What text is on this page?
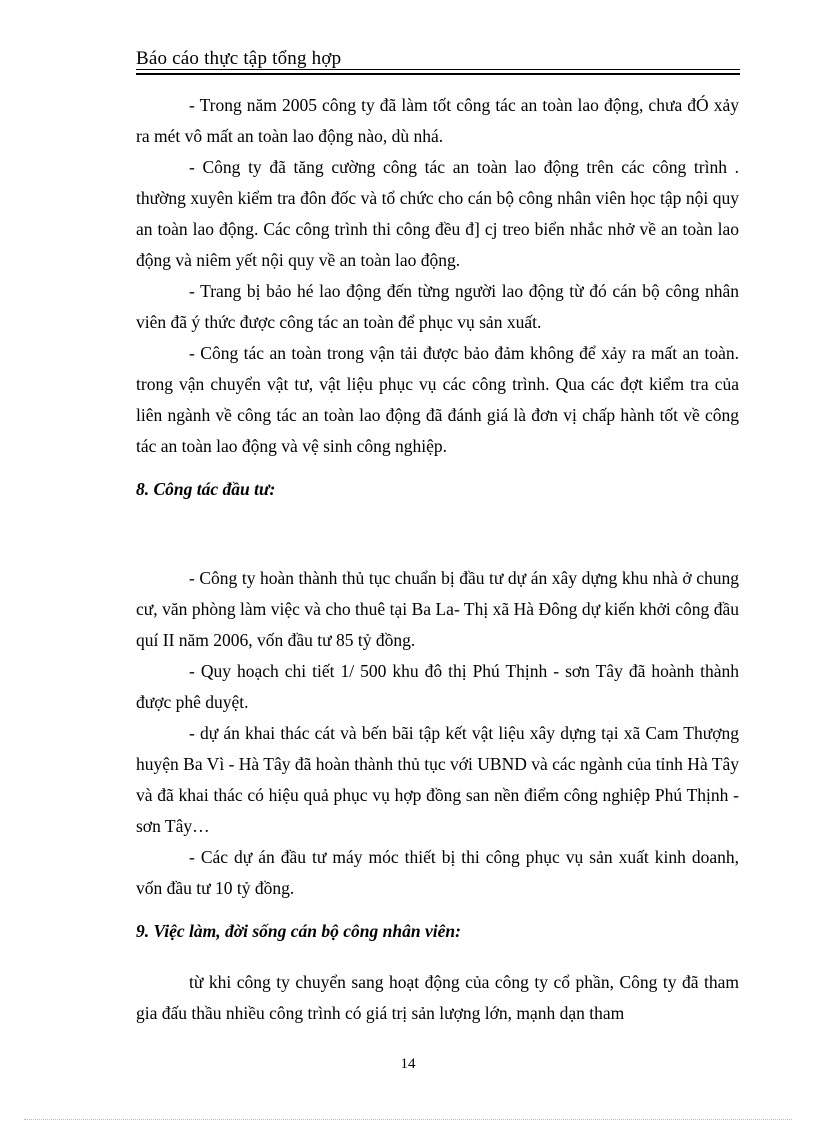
Báo cáo thực tập tổng hợp

- Trong năm 2005 công ty đã làm tốt công tác an toàn lao động, chưa đÓ xảy ra mét vô mất an toàn lao động nào, dù nhá.

- Công ty đã tăng cường công tác an toàn lao động trên các công trình . thường xuyên kiểm tra đôn đốc và tổ chức cho cán bộ công nhân viên học tập nội quy an toàn lao động. Các công trình thi công đều đ] cj treo biển nhắc nhở về an toàn lao động và niêm yết nội quy về an toàn lao động.

- Trang bị bảo hé lao động đến từng người lao động từ đó cán bộ công nhân viên đã ý thức được công tác an toàn để phục vụ sản xuất.

- Công tác an toàn trong vận tải được bảo đảm không để xảy ra mất an toàn. trong vận chuyển vật tư, vật liệu phục vụ các công trình. Qua các đợt kiểm tra của liên ngành về công tác an toàn lao động đã đánh giá là đơn vị chấp hành tốt về công tác an toàn lao động và vệ sinh công nghiệp.

8. Công tác đầu tư:

- Công ty hoàn thành thủ tục chuẩn bị đầu tư dự án xây dựng khu nhà ở chung cư, văn phòng làm việc và cho thuê tại Ba La- Thị xã Hà Đông dự kiến khởi công đầu quí II năm 2006, vốn đầu tư 85 tỷ đồng.

- Quy hoạch chi tiết 1/ 500 khu đô thị Phú Thịnh - sơn Tây đã hoành thành được phê duyệt.

- dự án khai thác cát và bến bãi tập kết vật liệu xây dựng tại xã Cam Thượng huyện Ba Vì - Hà Tây đã hoàn thành thủ tục với UBND và các ngành của tỉnh Hà Tây và đã khai thác có hiệu quả phục vụ hợp đồng san nền điểm công nghiệp Phú Thịnh - sơn Tây…

- Các dự án đầu tư máy móc thiết bị thi công phục vụ sản xuất kinh doanh, vốn đầu tư 10 tỷ đồng.

9. Việc làm, đời sống cán bộ công nhân viên:

từ khi công ty chuyển sang hoạt động của công ty cổ phần, Công ty đã tham gia đấu thầu nhiều công trình có giá trị sản lượng lớn, mạnh dạn tham

14
